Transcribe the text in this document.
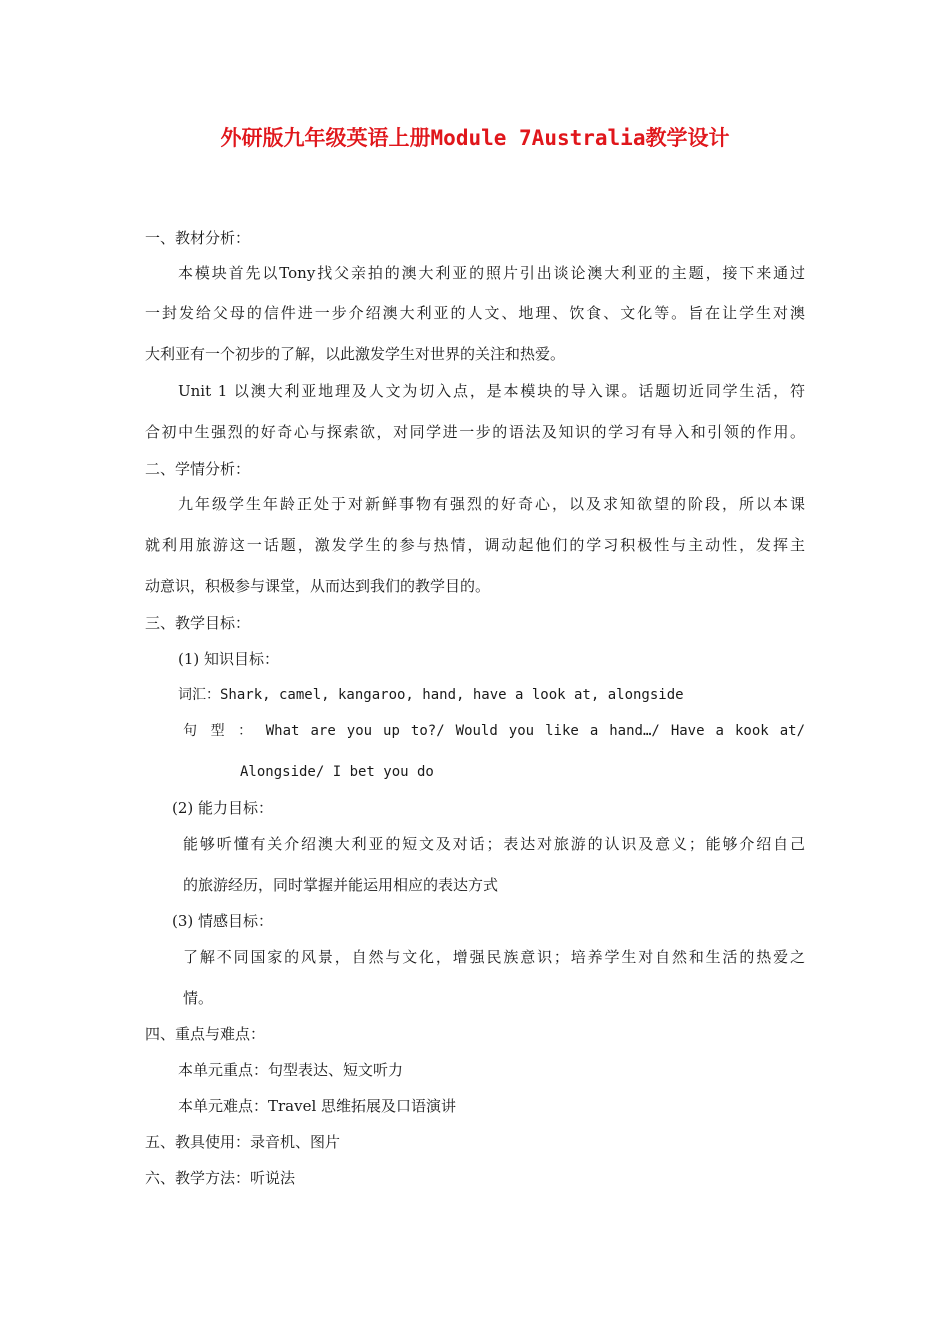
外研版九年级英语上册Module 7Australia教学设计
一、教材分析：
本模块首先以Tony找父亲拍的澳大利亚的照片引出谈论澳大利亚的主题，接下来通过
一封发给父母的信件进一步介绍澳大利亚的人文、地理、饮食、文化等。旨在让学生对澳
大利亚有一个初步的了解，以此激发学生对世界的关注和热爱。
Unit 1 以澳大利亚地理及人文为切入点，是本模块的导入课。话题切近同学生活，符
合初中生强烈的好奇心与探索欲，对同学进一步的语法及知识的学习有导入和引领的作用。
二、学情分析：
九年级学生年龄正处于对新鲜事物有强烈的好奇心，以及求知欲望的阶段，所以本课
就利用旅游这一话题，激发学生的参与热情，调动起他们的学习积极性与主动性，发挥主
动意识，积极参与课堂，从而达到我们的教学目的。
三、教学目标：
(1) 知识目标：
词汇：Shark, camel, kangaroo, hand, have a look at, alongside
句 型 ： What are you up to?/ Would you like a hand…/ Have a kook at/
Alongside/ I bet you do
(2) 能力目标：
能够听懂有关介绍澳大利亚的短文及对话；表达对旅游的认识及意义；能够介绍自己
的旅游经历，同时掌握并能运用相应的表达方式
(3) 情感目标：
了解不同国家的风景，自然与文化，增强民族意识；培养学生对自然和生活的热爱之
情。
四、重点与难点：
本单元重点：句型表达、短文听力
本单元难点：Travel 思维拓展及口语演讲
五、教具使用：录音机、图片
六、教学方法：听说法
